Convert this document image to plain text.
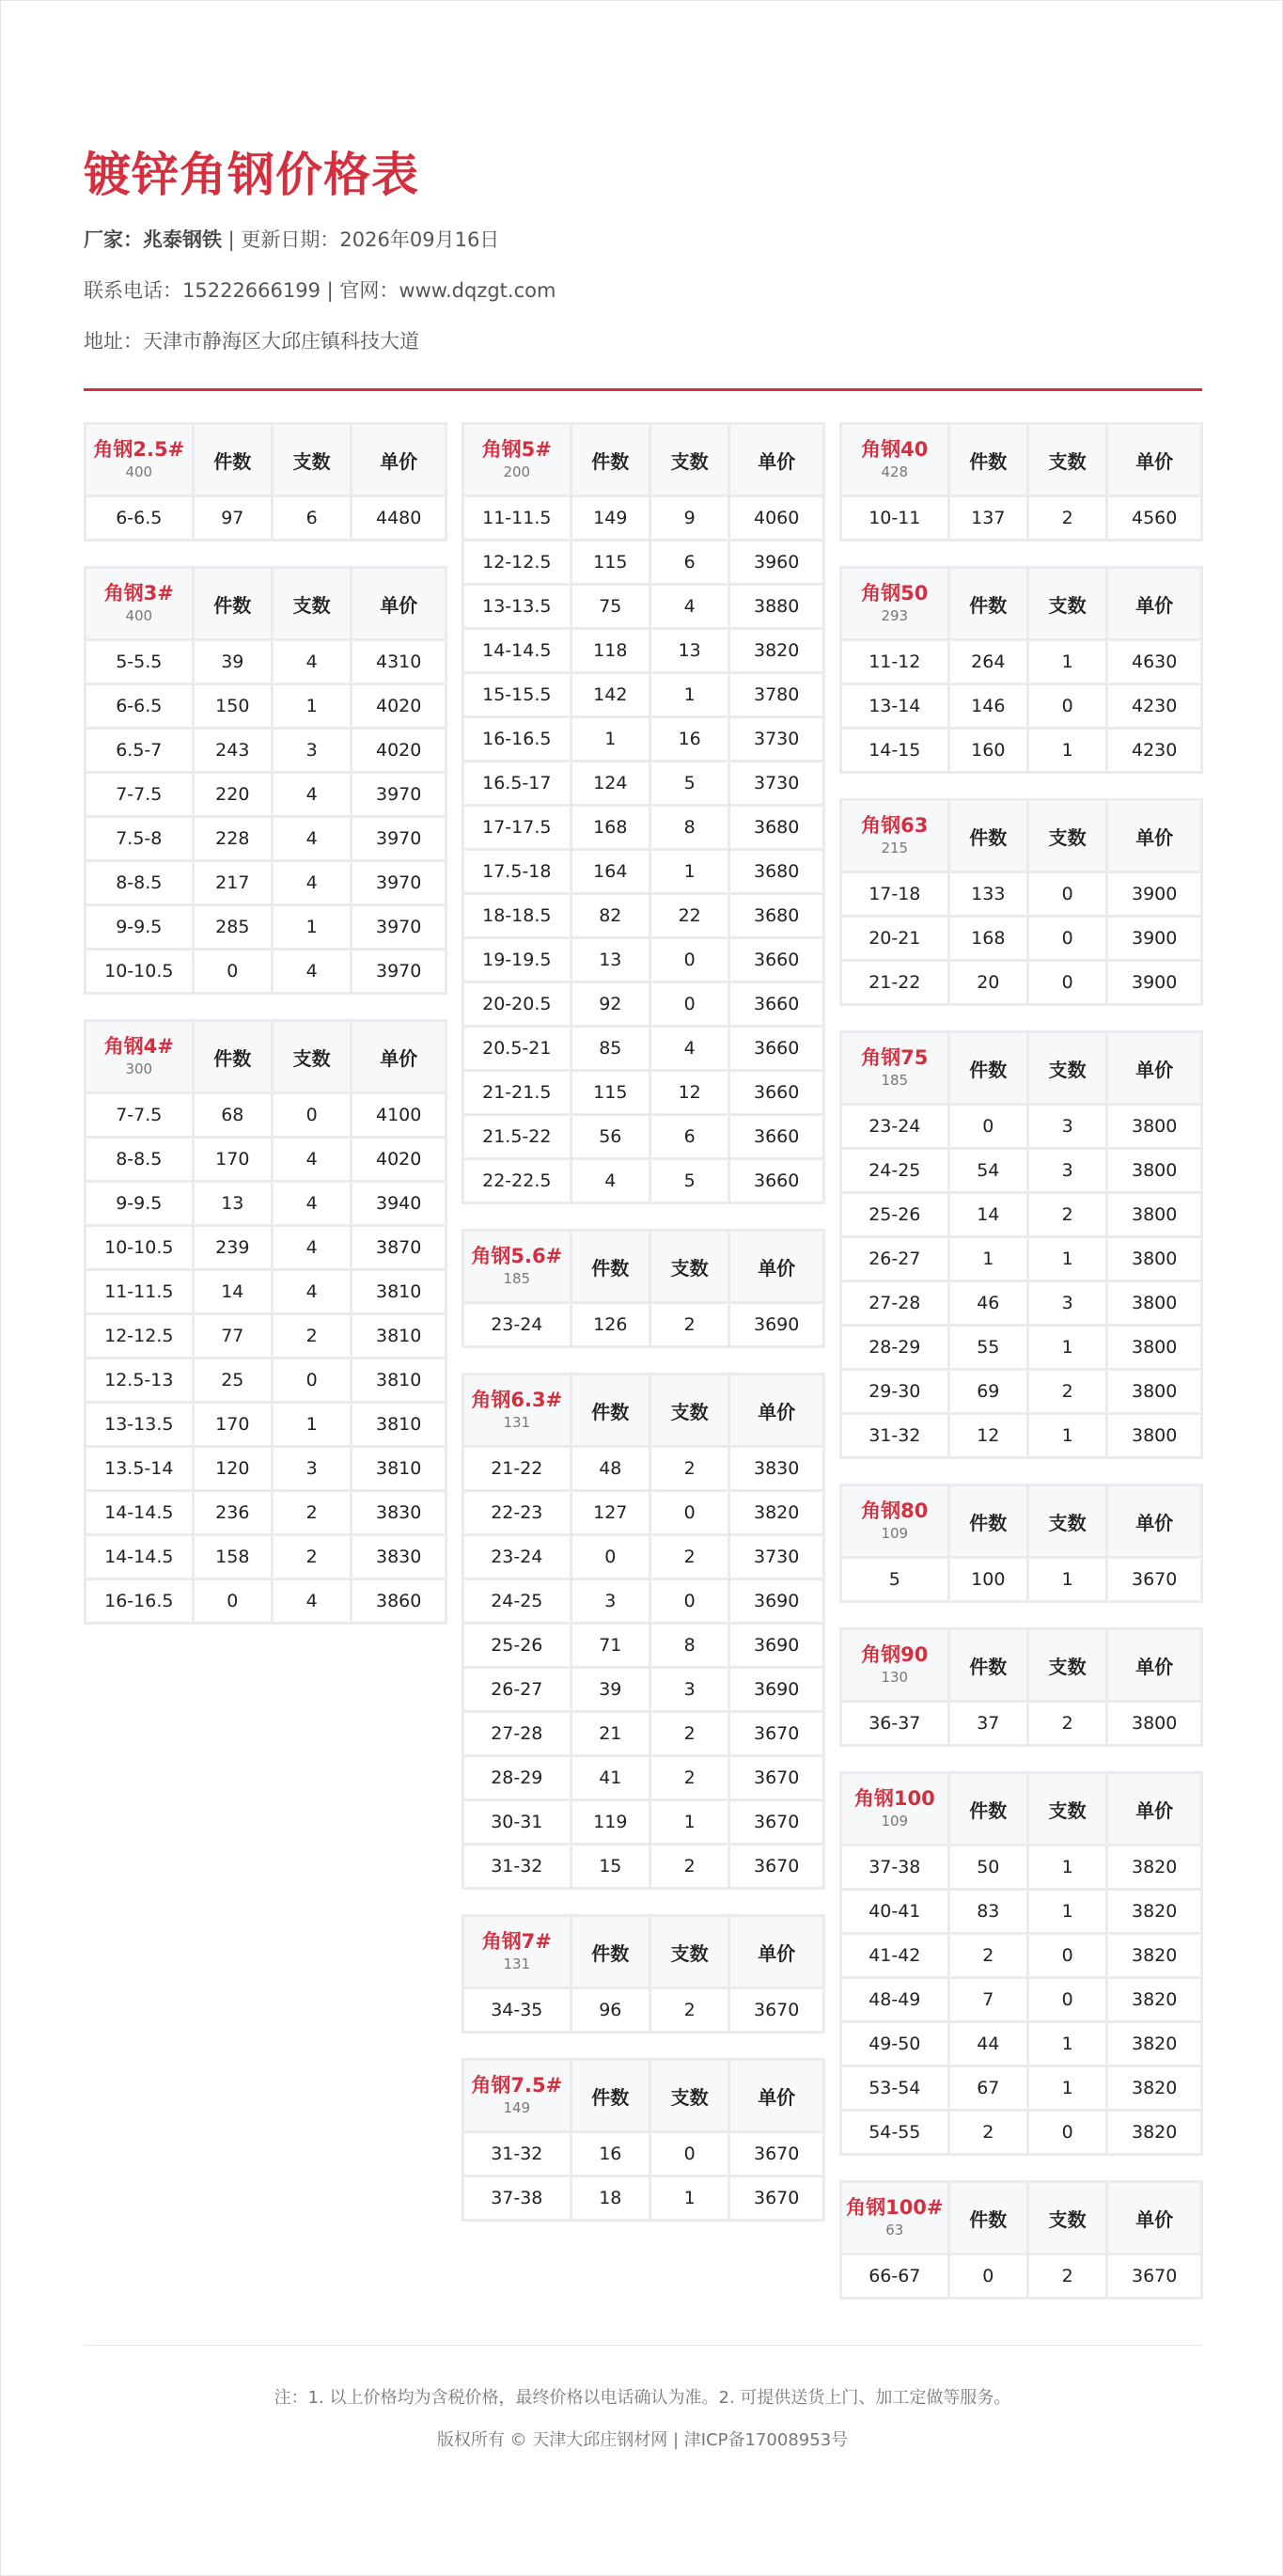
镀锌角钢价格表
厂家：兆泰钢铁 | 更新日期：2026年09月16日
联系电话：15222666199 | 官网：www.dqzgt.com
地址：天津市静海区大邱庄镇科技大道
角钢2.5#
400	件数	支数	单价
6-6.5	97	6	4480
角钢3#
400	件数	支数	单价
5-5.5	39	4	4310
6-6.5	150	1	4020
6.5-7	243	3	4020
7-7.5	220	4	3970
7.5-8	228	4	3970
8-8.5	217	4	3970
9-9.5	285	1	3970
10-10.5	0	4	3970
角钢4#
300	件数	支数	单价
7-7.5	68	0	4100
8-8.5	170	4	4020
9-9.5	13	4	3940
10-10.5	239	4	3870
11-11.5	14	4	3810
12-12.5	77	2	3810
12.5-13	25	0	3810
13-13.5	170	1	3810
13.5-14	120	3	3810
14-14.5	236	2	3830
14-14.5	158	2	3830
16-16.5	0	4	3860
角钢5#
200	件数	支数	单价
11-11.5	149	9	4060
12-12.5	115	6	3960
13-13.5	75	4	3880
14-14.5	118	13	3820
15-15.5	142	1	3780
16-16.5	1	16	3730
16.5-17	124	5	3730
17-17.5	168	8	3680
17.5-18	164	1	3680
18-18.5	82	22	3680
19-19.5	13	0	3660
20-20.5	92	0	3660
20.5-21	85	4	3660
21-21.5	115	12	3660
21.5-22	56	6	3660
22-22.5	4	5	3660
角钢5.6#
185	件数	支数	单价
23-24	126	2	3690
角钢6.3#
131	件数	支数	单价
21-22	48	2	3830
22-23	127	0	3820
23-24	0	2	3730
24-25	3	0	3690
25-26	71	8	3690
26-27	39	3	3690
27-28	21	2	3670
28-29	41	2	3670
30-31	119	1	3670
31-32	15	2	3670
角钢7#
131	件数	支数	单价
34-35	96	2	3670
角钢7.5#
149	件数	支数	单价
31-32	16	0	3670
37-38	18	1	3670
角钢40
428	件数	支数	单价
10-11	137	2	4560
角钢50
293	件数	支数	单价
11-12	264	1	4630
13-14	146	0	4230
14-15	160	1	4230
角钢63
215	件数	支数	单价
17-18	133	0	3900
20-21	168	0	3900
21-22	20	0	3900
角钢75
185	件数	支数	单价
23-24	0	3	3800
24-25	54	3	3800
25-26	14	2	3800
26-27	1	1	3800
27-28	46	3	3800
28-29	55	1	3800
29-30	69	2	3800
31-32	12	1	3800
角钢80
109	件数	支数	单价
5	100	1	3670
角钢90
130	件数	支数	单价
36-37	37	2	3800
角钢100
109	件数	支数	单价
37-38	50	1	3820
40-41	83	1	3820
41-42	2	0	3820
48-49	7	0	3820
49-50	44	1	3820
53-54	67	1	3820
54-55	2	0	3820
角钢100#
63	件数	支数	单价
66-67	0	2	3670
注：1. 以上价格均为含税价格，最终价格以电话确认为准。2. 可提供送货上门、加工定做等服务。
版权所有 © 天津大邱庄钢材网 | 津ICP备17008953号
